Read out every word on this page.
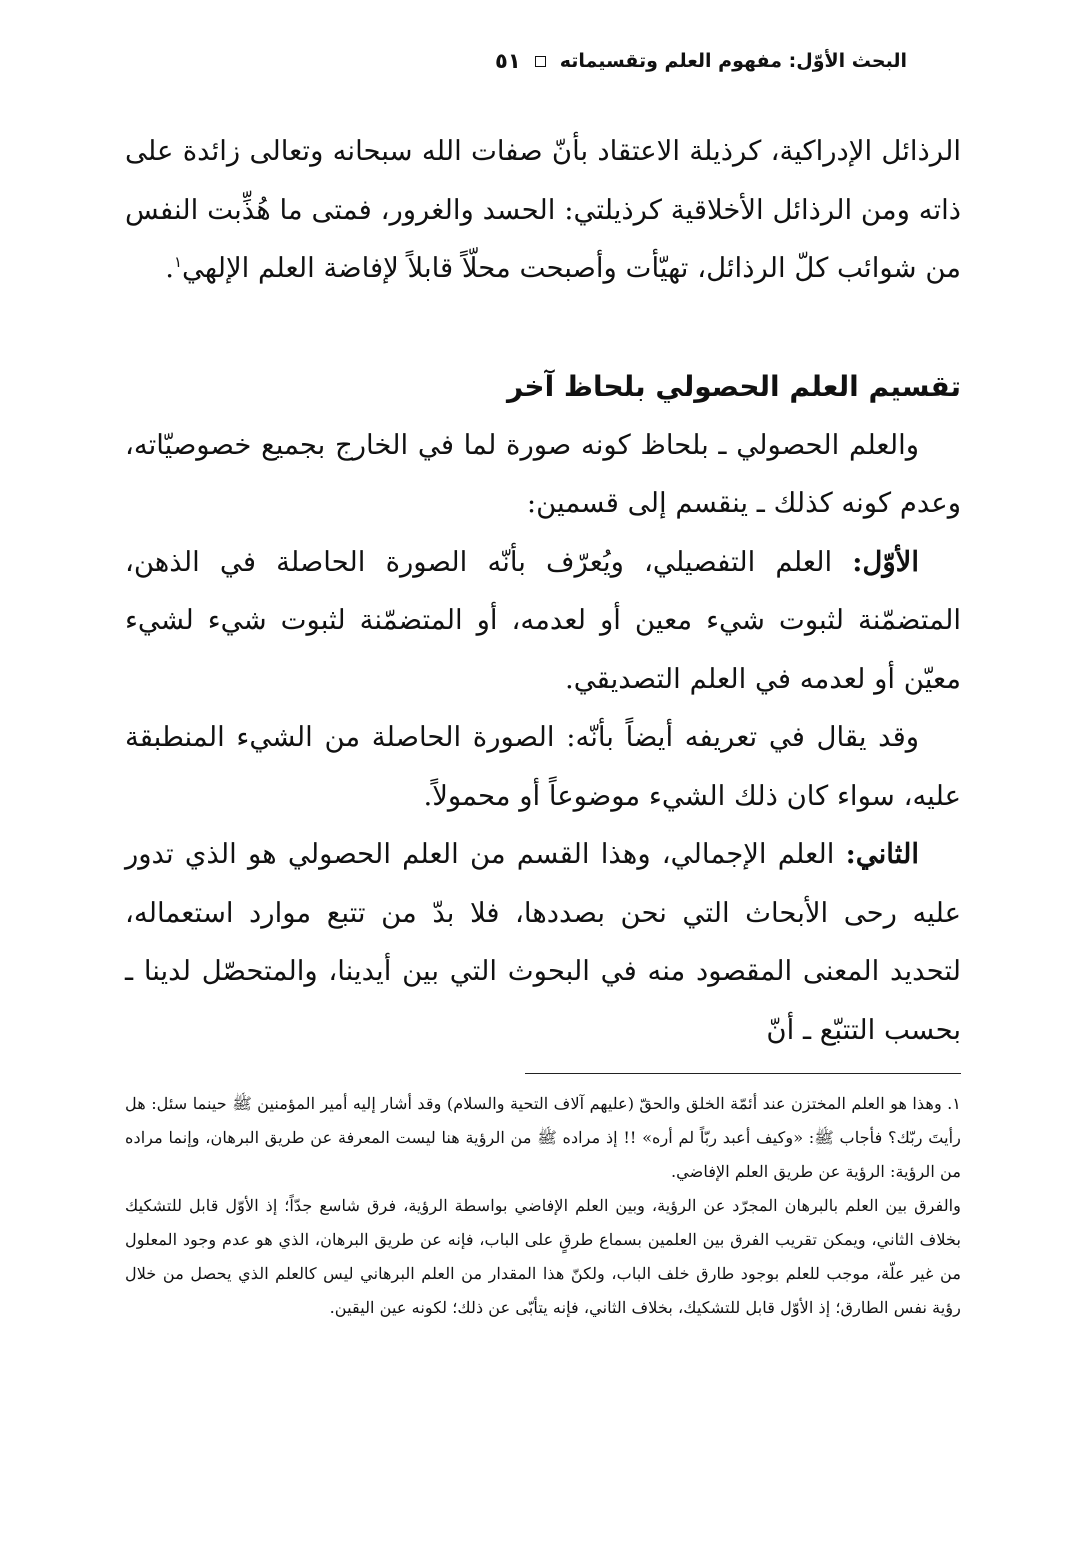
البحث الأوّل: مفهوم العلم وتقسيماته
٥١

الرذائل الإدراكية، كرذيلة الاعتقاد بأنّ صفات الله سبحانه وتعالى زائدة على ذاته ومن الرذائل الأخلاقية كرذيلتي: الحسد والغرور، فمتى ما هُذِّبت النفس من شوائب كلّ الرذائل، تهيّأت وأصبحت محلّاً قابلاً لإفاضة العلم الإلهي$^١$.

تقسيم العلم الحصولي بلحاظ آخر

والعلم الحصولي ـ بلحاظ كونه صورة لما في الخارج بجميع خصوصيّاته، وعدم كونه كذلك ـ ينقسم إلى قسمين:

الأوّل: العلم التفصيلي، ويُعرّف بأنّه الصورة الحاصلة في الذهن، المتضمّنة لثبوت شيء معين أو لعدمه، أو المتضمّنة لثبوت شيء لشيء معيّن أو لعدمه في العلم التصديقي.

وقد يقال في تعريفه أيضاً بأنّه: الصورة الحاصلة من الشيء المنطبقة عليه، سواء كان ذلك الشيء موضوعاً أو محمولاً.

الثاني: العلم الإجمالي، وهذا القسم من العلم الحصولي هو الذي تدور عليه رحى الأبحاث التي نحن بصددها، فلا بدّ من تتبع موارد استعماله، لتحديد المعنى المقصود منه في البحوث التي بين أيدينا، والمتحصّل لدينا ـ بحسب التتبّع ـ أنّ

١. وهذا هو العلم المختزن عند أئمّة الخلق والحقّ (عليهم آلاف التحية والسلام) وقد أشار إليه أمير المؤمنين ﷺ حينما سئل: هل رأيتَ ربّك؟ فأجاب ﷺ: «وكيف أعبد ربّاً لم أره» !! إذ مراده ﷺ من الرؤية هنا ليست المعرفة عن طريق البرهان، وإنما مراده من الرؤية: الرؤية عن طريق العلم الإفاضي.

والفرق بين العلم بالبرهان المجرّد عن الرؤية، وبين العلم الإفاضي بواسطة الرؤية، فرق شاسع جدّاً؛ إذ الأوّل قابل للتشكيك بخلاف الثاني، ويمكن تقريب الفرق بين العلمين بسماع طرقٍ على الباب، فإنه عن طريق البرهان، الذي هو عدم وجود المعلول من غير علّة، موجب للعلم بوجود طارق خلف الباب، ولكنّ هذا المقدار من العلم البرهاني ليس كالعلم الذي يحصل من خلال رؤية نفس الطارق؛ إذ الأوّل قابل للتشكيك، بخلاف الثاني، فإنه يتأبّى عن ذلك؛ لكونه عين اليقين.
